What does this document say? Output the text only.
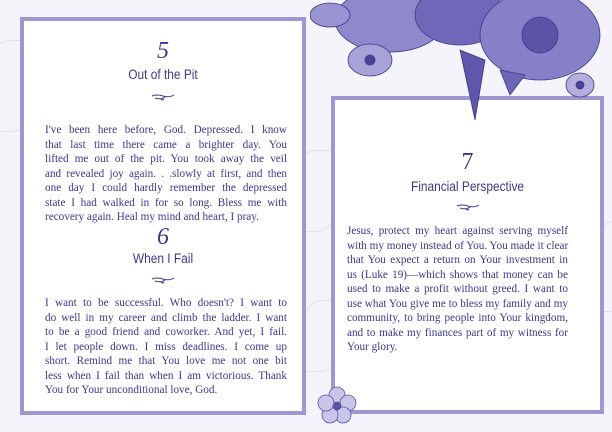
5
Out of the Pit
I've been here before, God. Depressed. I know
that last time there came a brighter day. You
lifted me out of the pit. You took away the veil
and revealed joy again. . .slowly at first, and then
one day I could hardly remember the depressed
state I had walked in for so long. Bless me with
recovery again. Heal my mind and heart, I pray.
6
When I Fail
I want to be successful. Who doesn't? I want to
do well in my career and climb the ladder. I want
to be a good friend and coworker. And yet, I fail.
I let people down. I miss deadlines. I come up
short. Remind me that You love me not one bit
less when I fail than when I am victorious. Thank
You for Your unconditional love, God.
7
Financial Perspective
Jesus, protect my heart against serving myself
with my money instead of You. You made it clear
that You expect a return on Your investment in
us (Luke 19)—which shows that money can be
used to make a profit without greed. I want to
use what You give me to bless my family and my
community, to bring people into Your kingdom,
and to make my finances part of my witness for
Your glory.
